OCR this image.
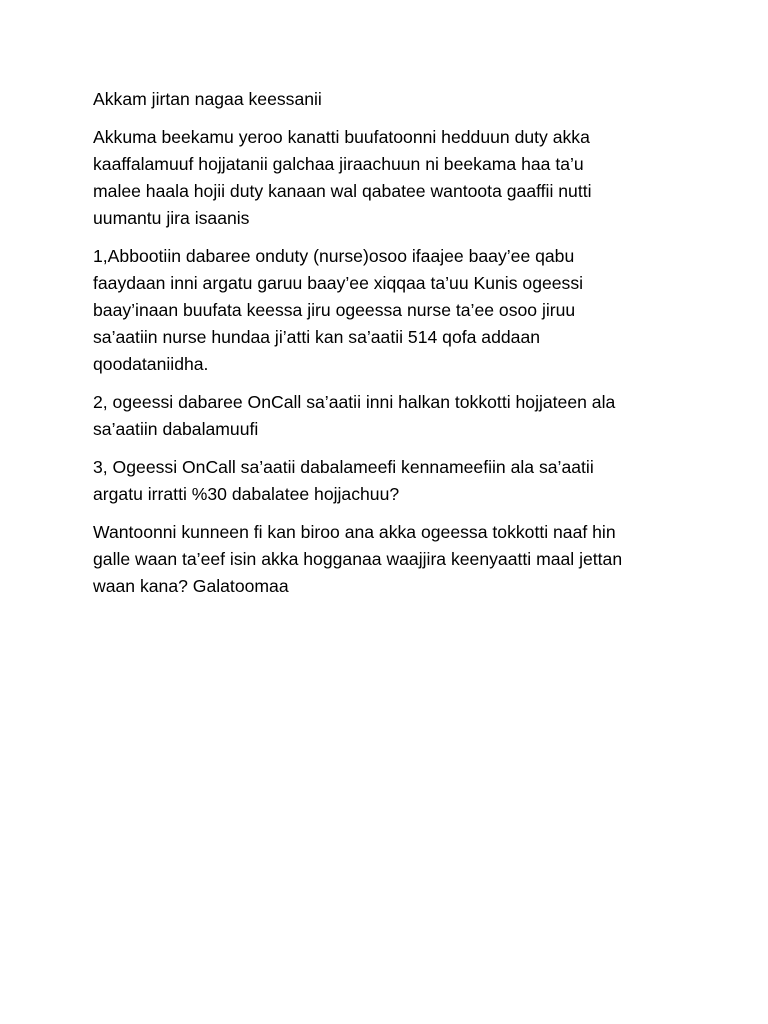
Akkam jirtan nagaa keessanii

Akkuma beekamu yeroo kanatti buufatoonni hedduun duty akka
kaaffalamuuf hojjatanii galchaa jiraachuun ni beekama haa ta’u
malee haala hojii duty kanaan wal qabatee wantoota gaaffii nutti
uumantu jira isaanis

1,Abbootiin dabaree onduty (nurse)osoo ifaajee baay’ee qabu
faaydaan inni argatu garuu baay’ee xiqqaa ta’uu Kunis ogeessi
baay’inaan buufata keessa jiru ogeessa nurse ta’ee osoo jiruu
sa’aatiin nurse hundaa ji’atti kan sa’aatii 514 qofa addaan
qoodataniidha.

2, ogeessi dabaree OnCall sa’aatii inni halkan tokkotti hojjateen ala
sa’aatiin dabalamuufi

3, Ogeessi OnCall sa’aatii dabalameefi kennameefiin ala sa’aatii
argatu irratti %30 dabalatee hojjachuu?

Wantoonni kunneen fi kan biroo ana akka ogeessa tokkotti naaf hin
galle waan ta’eef isin akka hogganaa waajjira keenyaatti maal jettan
waan kana? Galatoomaa
